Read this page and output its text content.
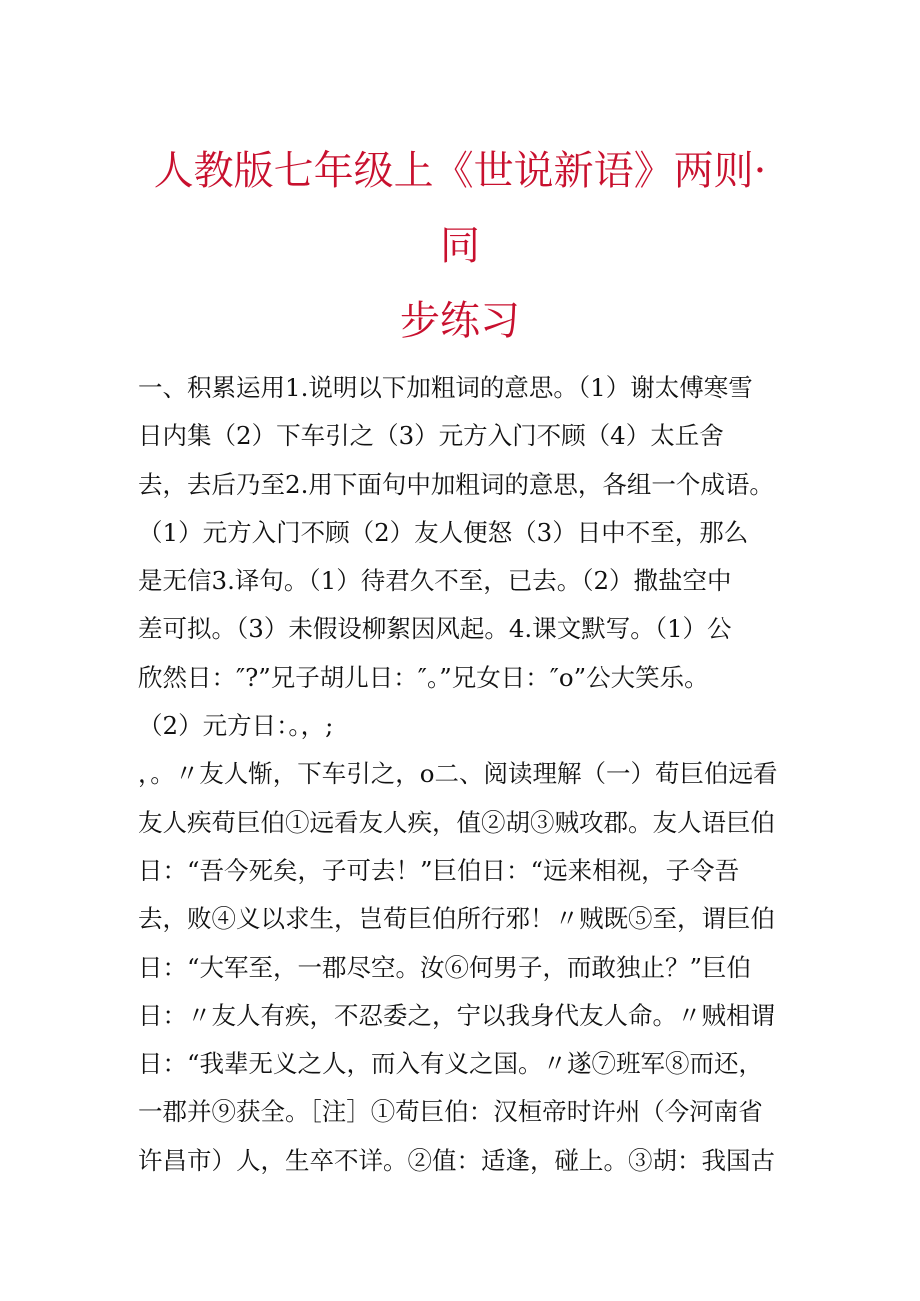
人教版七年级上《世说新语》两则·
同
步练习
一、积累运用1.说明以下加粗词的意思。（1）谢太傅寒雪
日内集（2）下车引之（3）元方入门不顾（4）太丘舍
去，去后乃至2.用下面句中加粗词的意思，各组一个成语。
（1）元方入门不顾（2）友人便怒（3）日中不至，那么
是无信3.译句。（1）待君久不至，已去。（2）撒盐空中
差可拟。（3）未假设柳絮因风起。4.课文默写。（1）公
欣然日：″?”兄子胡儿日：″。”兄女日：″o”公大笑乐。
（2）元方日：。，;
，。〃友人惭，下车引之，o二、阅读理解（一）荀巨伯远看
友人疾荀巨伯①远看友人疾，值②胡③贼攻郡。友人语巨伯
日：“吾今死矣，子可去！”巨伯日：“远来相视，子令吾
去，败④义以求生，岂荀巨伯所行邪！〃贼既⑤至，谓巨伯
日：“大军至，一郡尽空。汝⑥何男子，而敢独止？”巨伯
日：〃友人有疾，不忍委之，宁以我身代友人命。〃贼相谓
日：“我辈无义之人，而入有义之国。〃遂⑦班军⑧而还，
一郡并⑨获全。［注］①荀巨伯：汉桓帝时许州（今河南省
许昌市）人，生卒不详。②值：适逢，碰上。③胡：我国古
